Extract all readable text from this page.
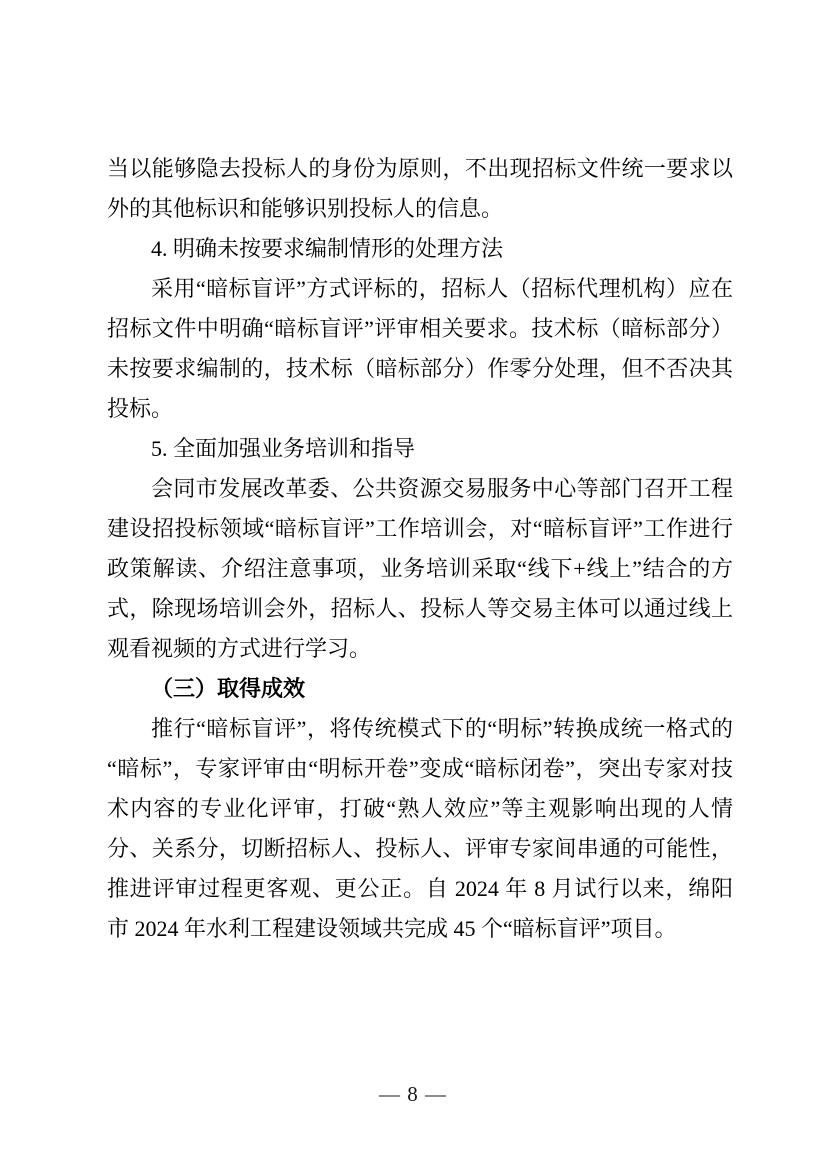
当以能够隐去投标人的身份为原则，不出现招标文件统一要求以外的其他标识和能够识别投标人的信息。

4. 明确未按要求编制情形的处理方法

采用“暗标盲评”方式评标的，招标人（招标代理机构）应在招标文件中明确“暗标盲评”评审相关要求。技术标（暗标部分）未按要求编制的，技术标（暗标部分）作零分处理，但不否决其投标。

5. 全面加强业务培训和指导

会同市发展改革委、公共资源交易服务中心等部门召开工程建设招投标领域“暗标盲评”工作培训会，对“暗标盲评”工作进行政策解读、介绍注意事项，业务培训采取“线下+线上”结合的方式，除现场培训会外，招标人、投标人等交易主体可以通过线上观看视频的方式进行学习。

（三）取得成效

推行“暗标盲评”，将传统模式下的“明标”转换成统一格式的“暗标”，专家评审由“明标开卷”变成“暗标闭卷”，突出专家对技术内容的专业化评审，打破“熟人效应”等主观影响出现的人情分、关系分，切断招标人、投标人、评审专家间串通的可能性，推进评审过程更客观、更公正。自 2024 年 8 月试行以来，绵阳市 2024 年水利工程建设领域共完成 45 个“暗标盲评”项目。

— 8 —
